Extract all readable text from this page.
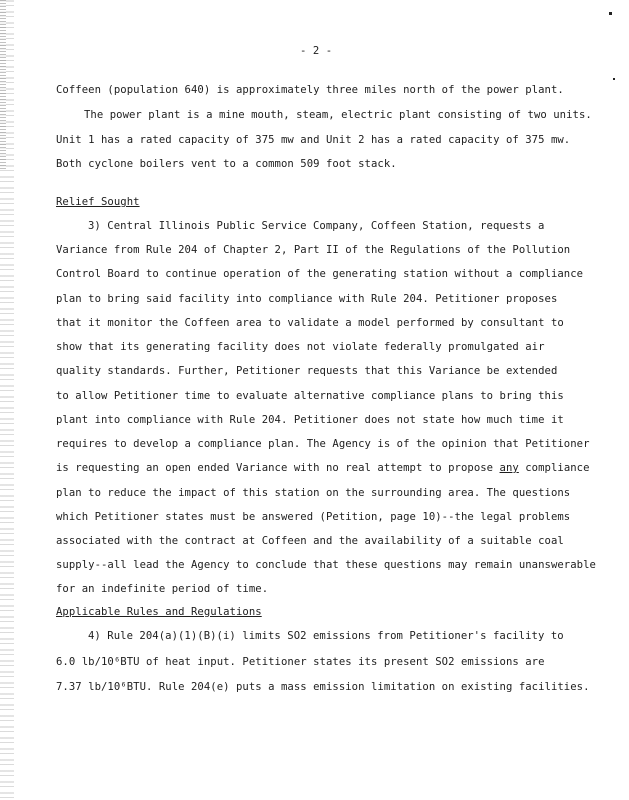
- 2 -
Coffeen (population 640) is approximately three miles north of the power plant.
The power plant is a mine mouth, steam, electric plant consisting of two units.
Unit 1 has a rated capacity of 375 mw and Unit 2 has a rated capacity of 375 mw.
Both cyclone boilers vent to a common 509 foot stack.
Relief Sought
3) Central Illinois Public Service Company, Coffeen Station, requests a
Variance from Rule 204 of Chapter 2, Part II of the Regulations of the Pollution
Control Board to continue operation of the generating station without a compliance
plan to bring said facility into compliance with Rule 204. Petitioner proposes
that it monitor the Coffeen area to validate a model performed by consultant to
show that its generating facility does not violate federally promulgated air
quality standards. Further, Petitioner requests that this Variance be extended
to allow Petitioner time to evaluate alternative compliance plans to bring this
plant into compliance with Rule 204. Petitioner does not state how much time it
requires to develop a compliance plan. The Agency is of the opinion that Petitioner
is requesting an open ended Variance with no real attempt to propose any compliance
plan to reduce the impact of this station on the surrounding area. The questions
which Petitioner states must be answered (Petition, page 10)--the legal problems
associated with the contract at Coffeen and the availability of a suitable coal
supply--all lead the Agency to conclude that these questions may remain unanswerable
for an indefinite period of time.
Applicable Rules and Regulations
4) Rule 204(a)(1)(B)(i) limits SO2 emissions from Petitioner's facility to
6.0 lb/10⁶BTU of heat input. Petitioner states its present SO2 emissions are
7.37 lb/10⁶BTU. Rule 204(e) puts a mass emission limitation on existing facilities.
